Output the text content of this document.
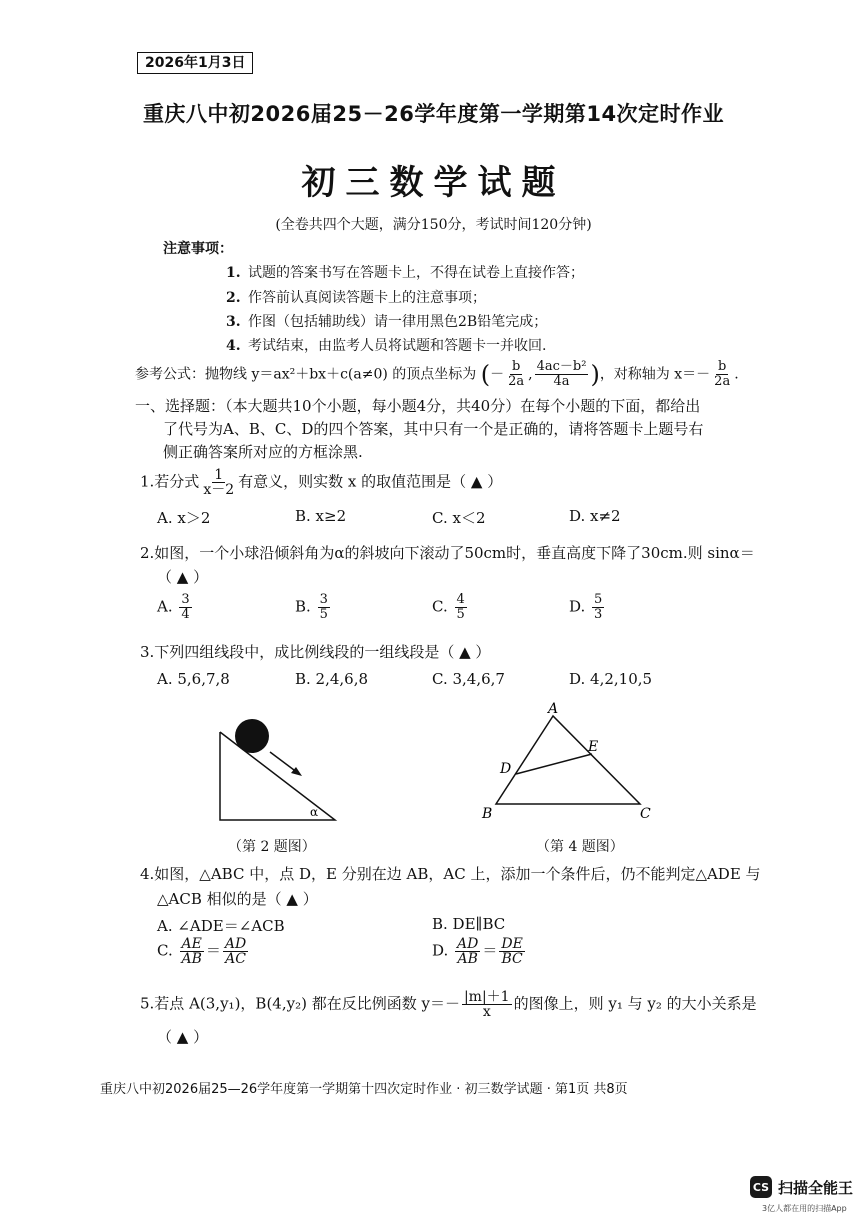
2026年1月3日
重庆八中初2026届25－26学年度第一学期第14次定时作业
初三数学试题
(全卷共四个大题，满分150分，考试时间120分钟)
注意事项：
1. 试题的答案书写在答题卡上，不得在试卷上直接作答；
2. 作答前认真阅读答题卡上的注意事项；
3. 作图（包括辅助线）请一律用黑色2B铅笔完成；
4. 考试结束，由监考人员将试题和答题卡一并收回.
参考公式：抛物线 y＝ax²＋bx＋c(a≠0) 的顶点坐标为 (－ $\frac{b}{2a}$ , $\frac{\text{4ac－b²}}{4a}$ )，对称轴为 $x=- \frac{b}{2a}$ .
一、选择题：（本大题共10个小题，每小题4分，共40分）在每个小题的下面，都给出
了代号为A、B、C、D的四个答案，其中只有一个是正确的，请将答题卡上题号右
侧正确答案所对应的方框涂黑.
1.若分式 $\frac{1}{x-2}$ 有意义，则实数 x 的取值范围是（ ▲ ）
A. x＞2	B. x≥2	C. x＜2	D. x≠2
2.如图，一个小球沿倾斜角为α的斜坡向下滚动了50cm时，垂直高度下降了30cm.则 sinα＝
（ ▲ ）
A. $\frac{3}{4}$	B. $\frac{3}{5}$	C. $\frac{4}{5}$	D. $\frac{5}{3}$
3.下列四组线段中，成比例线段的一组线段是（ ▲ ）
A. 5,6,7,8	B. 2,4,6,8	C. 3,4,6,7	D. 4,2,10,5
α
（第 2 题图）
A
B	C
D
E
（第 4 题图）
4.如图，△ABC 中，点 D，E 分别在边 AB，AC 上，添加一个条件后，仍不能判定△ADE 与
△ACB 相似的是（ ▲ ）
A. ∠ADE＝∠ACB	B. DE∥BC
C. $\frac{AE}{AB} = \frac{AD}{AC}$	D. $\frac{AD}{AB} = \frac{DE}{BC}$
5.若点 A(3,y₁)，B(4,y₂) 都在反比例函数 $y=- \frac{|m|+1}{x}$ 的图像上，则 y₁ 与 y₂ 的大小关系是
（ ▲ ）
重庆八中初2026届25—26学年度第一学期第十四次定时作业 · 初三数学试题 · 第1页 共8页
CS 扫描全能王
3亿人都在用的扫描App
